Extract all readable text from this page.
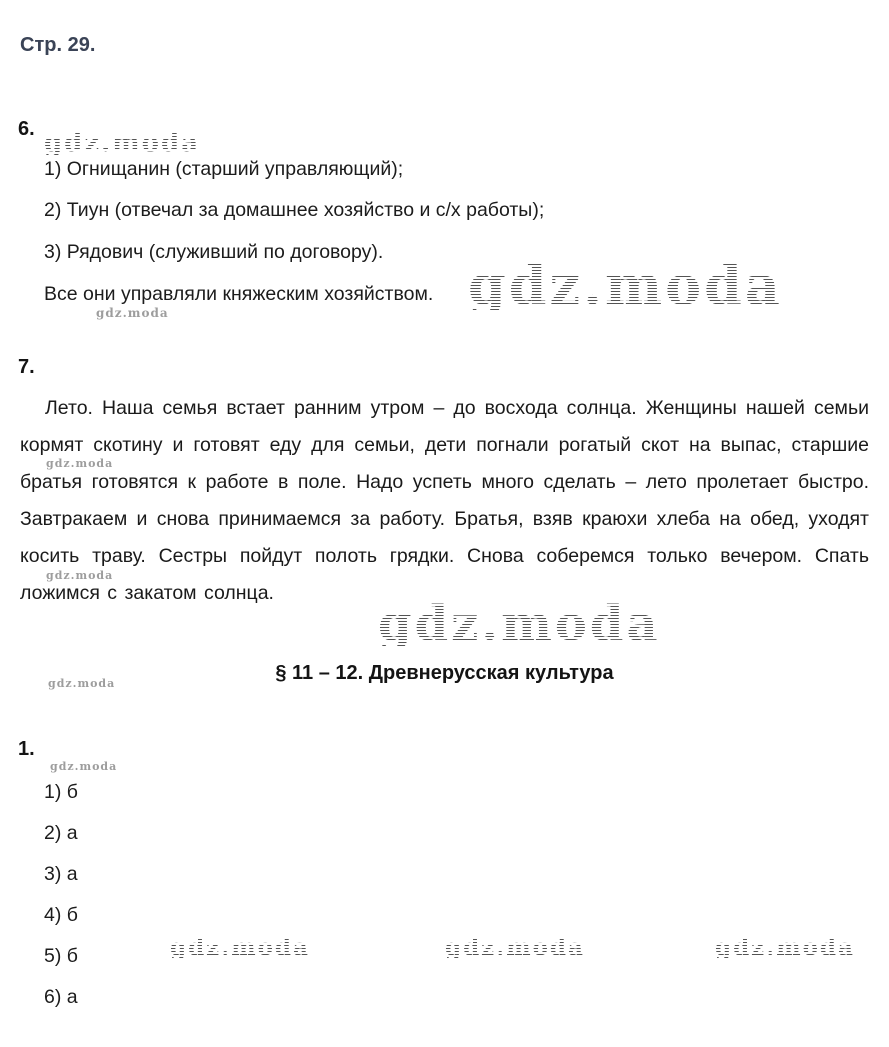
Стр. 29.
6. gdz.moda
1) Огнищанин (старший управляющий);
2) Тиун (отвечал за домашнее хозяйство и с/х работы);
3) Рядович (служивший по договору).
Все они управляли княжеским хозяйством. gdz.moda
gdz.moda
7.
Лето. Наша семья встает ранним утром – до восхода солнца. Женщины нашей семьи кормят скотину и готовят еду для семьи, дети погнали рогатый скот на выпас, старшие братья готовятся к работе в поле. Надо успеть много сделать – лето пролетает быстро. Завтракаем и снова принимаемся за работу. Братья, взяв краюхи хлеба на обед, уходят косить траву. Сестры пойдут полоть грядки. Снова соберемся только вечером. Спать ложимся с закатом солнца.
gdz.moda
gdz.moda
gdz.moda
§ 11 – 12. Древнерусская культура
gdz.moda
1.
gdz.moda
1) б
2) а
3) а
4) б
5) б
6) а
gdz.moda	gdz.moda	gdz.moda
